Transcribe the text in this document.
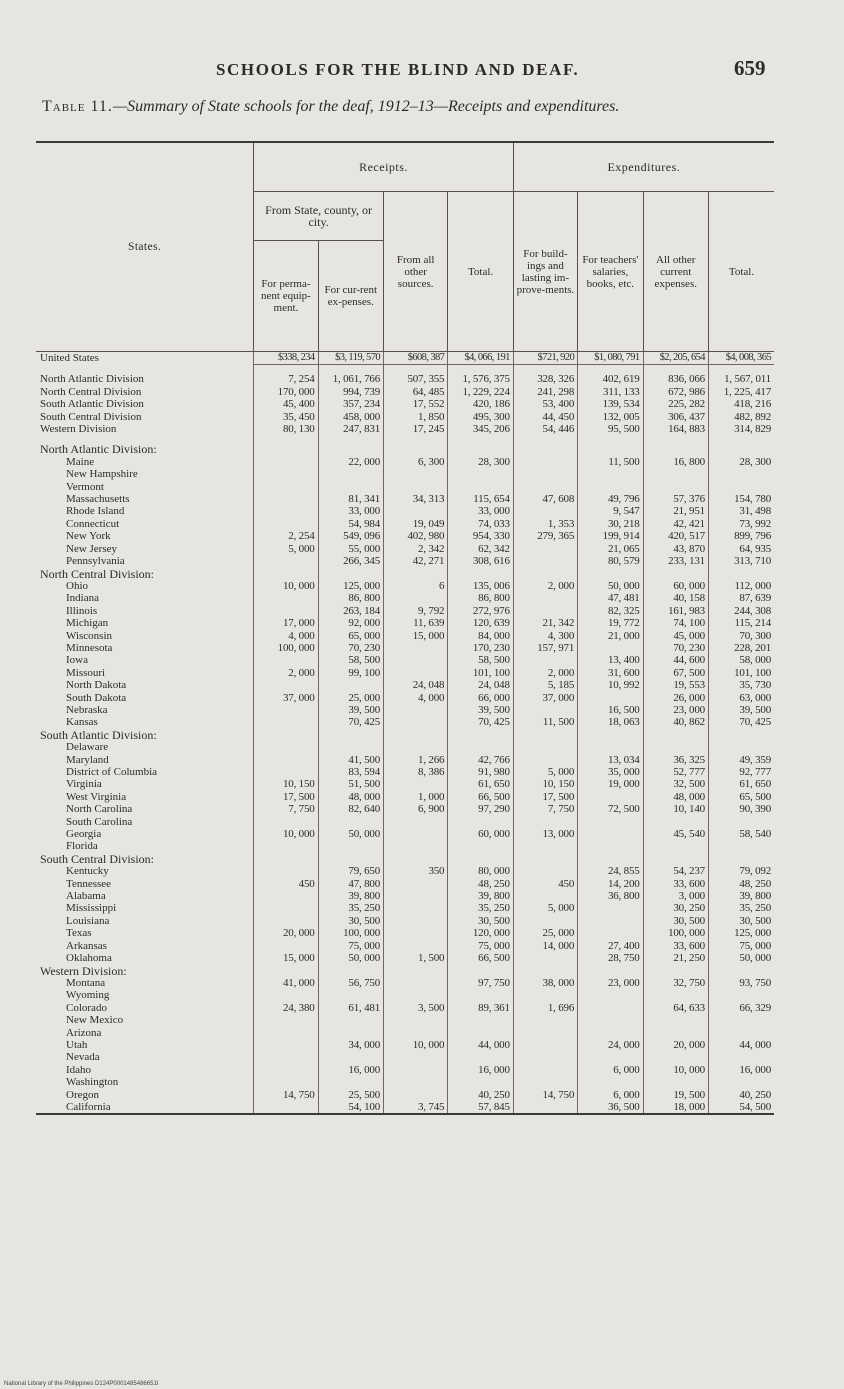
SCHOOLS FOR THE BLIND AND DEAF.	659
Table 11.—Summary of State schools for the deaf, 1912–13—Receipts and expenditures.
States.	Receipts.				Expenditures.			
	From State, county, or city.		From all other sources.	Total.	For build-ings and lasting im-prove-ments.	For teachers' salaries, books, etc.	All other current expenses.	Total.
	For perma-nent equip-ment.	For cur-rent ex-penses.						
United States	$338, 234	$3, 119, 570	$608, 387	$4, 066, 191	$721, 920	$1, 080, 791	$2, 205, 654	$4, 008, 365

North Atlantic Division	7, 254	1, 061, 766	507, 355	1, 576, 375	328, 326	402, 619	836, 066	1, 567, 011
North Central Division	170, 000	994, 739	64, 485	1, 229, 224	241, 298	311, 133	672, 986	1, 225, 417
South Atlantic Division	45, 400	357, 234	17, 552	420, 186	53, 400	139, 534	225, 282	418, 216
South Central Division	35, 450	458, 000	1, 850	495, 300	44, 450	132, 005	306, 437	482, 892
Western Division	80, 130	247, 831	17, 245	345, 206	54, 446	95, 500	164, 883	314, 829

North Atlantic Division:								
Maine		22, 000	6, 300	28, 300		11, 500	16, 800	28, 300
New Hampshire								
Vermont								
Massachusetts		81, 341	34, 313	115, 654	47, 608	49, 796	57, 376	154, 780
Rhode Island		33, 000		33, 000		9, 547	21, 951	31, 498
Connecticut		54, 984	19, 049	74, 033	1, 353	30, 218	42, 421	73, 992
New York	2, 254	549, 096	402, 980	954, 330	279, 365	199, 914	420, 517	899, 796
New Jersey	5, 000	55, 000	2, 342	62, 342		21, 065	43, 870	64, 935
Pennsylvania		266, 345	42, 271	308, 616		80, 579	233, 131	313, 710
North Central Division:								
Ohio	10, 000	125, 000	6	135, 006	2, 000	50, 000	60, 000	112, 000
Indiana		86, 800		86, 800		47, 481	40, 158	87, 639
Illinois		263, 184	9, 792	272, 976		82, 325	161, 983	244, 308
Michigan	17, 000	92, 000	11, 639	120, 639	21, 342	19, 772	74, 100	115, 214
Wisconsin	4, 000	65, 000	15, 000	84, 000	4, 300	21, 000	45, 000	70, 300
Minnesota	100, 000	70, 230		170, 230	157, 971		70, 230	228, 201
Iowa		58, 500		58, 500		13, 400	44, 600	58, 000
Missouri	2, 000	99, 100		101, 100	2, 000	31, 600	67, 500	101, 100
North Dakota			24, 048	24, 048	5, 185	10, 992	19, 553	35, 730
South Dakota	37, 000	25, 000	4, 000	66, 000	37, 000		26, 000	63, 000
Nebraska		39, 500		39, 500		16, 500	23, 000	39, 500
Kansas		70, 425		70, 425	11, 500	18, 063	40, 862	70, 425
South Atlantic Division:								
Delaware								
Maryland		41, 500	1, 266	42, 766		13, 034	36, 325	49, 359
District of Columbia		83, 594	8, 386	91, 980	5, 000	35, 000	52, 777	92, 777
Virginia	10, 150	51, 500		61, 650	10, 150	19, 000	32, 500	61, 650
West Virginia	17, 500	48, 000	1, 000	66, 500	17, 500		48, 000	65, 500
North Carolina	7, 750	82, 640	6, 900	97, 290	7, 750	72, 500	10, 140	90, 390
South Carolina								
Georgia	10, 000	50, 000		60, 000	13, 000		45, 540	58, 540
Florida								
South Central Division:								
Kentucky		79, 650	350	80, 000		24, 855	54, 237	79, 092
Tennessee	450	47, 800		48, 250	450	14, 200	33, 600	48, 250
Alabama		39, 800		39, 800		36, 800	3, 000	39, 800
Mississippi		35, 250		35, 250	5, 000		30, 250	35, 250
Louisiana		30, 500		30, 500			30, 500	30, 500
Texas	20, 000	100, 000		120, 000	25, 000		100, 000	125, 000
Arkansas		75, 000		75, 000	14, 000	27, 400	33, 600	75, 000
Oklahoma	15, 000	50, 000	1, 500	66, 500		28, 750	21, 250	50, 000
Western Division:								
Montana	41, 000	56, 750		97, 750	38, 000	23, 000	32, 750	93, 750
Wyoming								
Colorado	24, 380	61, 481	3, 500	89, 361	1, 696		64, 633	66, 329
New Mexico								
Arizona								
Utah		34, 000	10, 000	44, 000		24, 000	20, 000	44, 000
Nevada								
Idaho		16, 000		16, 000		6, 000	10, 000	16, 000
Washington								
Oregon	14, 750	25, 500		40, 250	14, 750	6, 000	19, 500	40, 250
California		54, 100	3, 745	57, 845		36, 500	18, 000	54, 500

National Library of the Philippines D124P0001485486651I
